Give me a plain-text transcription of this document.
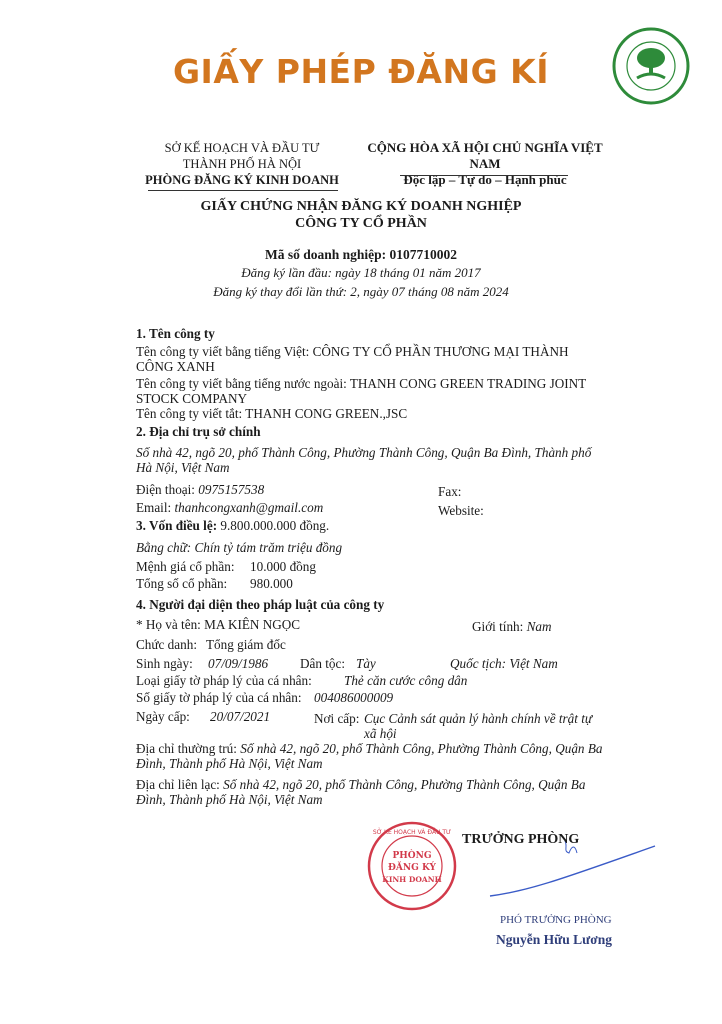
GIẤY PHÉP ĐĂNG KÍ
SỞ KẾ HOẠCH VÀ ĐẦU TƯ
THÀNH PHỐ HÀ NỘI
PHÒNG ĐĂNG KÝ KINH DOANH
CỘNG HÒA XÃ HỘI CHỦ NGHĨA VIỆT NAM
Độc lập – Tự do – Hạnh phúc
GIẤY CHỨNG NHẬN ĐĂNG KÝ DOANH NGHIỆP
CÔNG TY CỔ PHẦN
Mã số doanh nghiệp: 0107710002
Đăng ký lần đầu: ngày 18 tháng 01 năm 2017
Đăng ký thay đổi lần thứ: 2, ngày 07 tháng 08 năm 2024
1. Tên công ty
Tên công ty viết bằng tiếng Việt: CÔNG TY CỔ PHẦN THƯƠNG MẠI THÀNH CÔNG XANH
Tên công ty viết bằng tiếng nước ngoài: THANH CONG GREEN TRADING JOINT STOCK COMPANY
Tên công ty viết tắt: THANH CONG GREEN.,JSC
2. Địa chỉ trụ sở chính
Số nhà 42, ngõ 20, phố Thành Công, Phường Thành Công, Quận Ba Đình, Thành phố Hà Nội, Việt Nam
Điện thoại: 0975157538	Fax:
Email: thanhcongxanh@gmail.com	Website:
3. Vốn điều lệ: 9.800.000.000 đồng.
Bằng chữ: Chín tỷ tám trăm triệu đồng
Mệnh giá cổ phần: 10.000 đồng
Tổng số cổ phần: 980.000
4. Người đại diện theo pháp luật của công ty
* Họ và tên: MA KIÊN NGỌC	Giới tính: Nam
Chức danh: Tổng giám đốc
Sinh ngày: 07/09/1986 Dân tộc: Tày	Quốc tịch: Việt Nam
Loại giấy tờ pháp lý của cá nhân: Thẻ căn cước công dân
Số giấy tờ pháp lý của cá nhân: 004086000009
Ngày cấp: 20/07/2021	Nơi cấp: Cục Cảnh sát quản lý hành chính về trật tự xã hội
Địa chỉ thường trú: Số nhà 42, ngõ 20, phố Thành Công, Phường Thành Công, Quận Ba Đình, Thành phố Hà Nội, Việt Nam
Địa chỉ liên lạc: Số nhà 42, ngõ 20, phố Thành Công, Phường Thành Công, Quận Ba Đình, Thành phố Hà Nội, Việt Nam
TRƯỞNG PHÒNG
SỞ KẾ HOẠCH VÀ ĐẦU TƯ
PHÒNG
ĐĂNG KÝ
KINH DOANH
PHÓ TRƯỞNG PHÒNG
Nguyễn Hữu Lương
